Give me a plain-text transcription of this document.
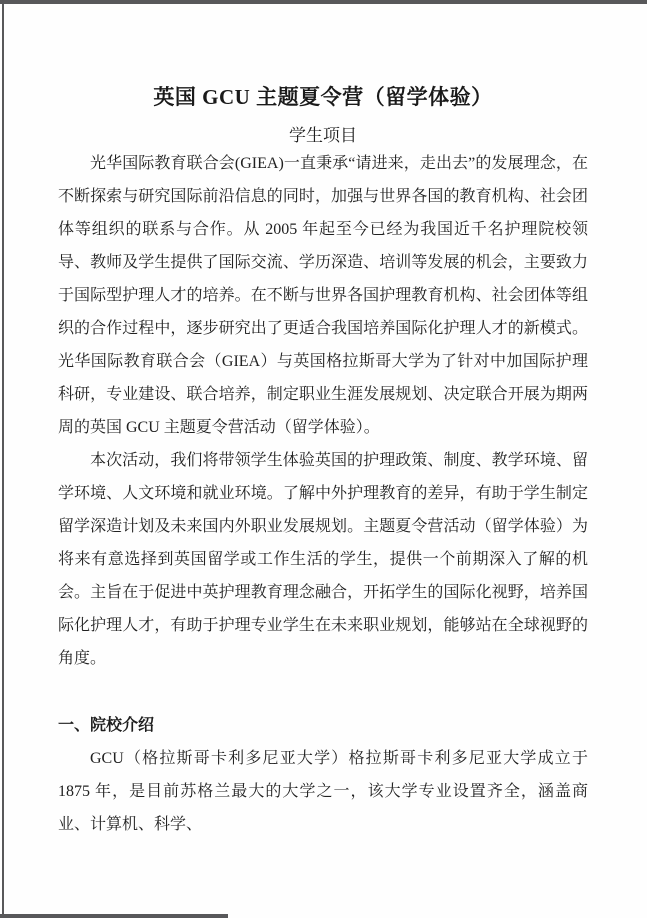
英国 GCU 主题夏令营（留学体验）
学生项目

光华国际教育联合会(GIEA)一直秉承“请进来，走出去”的发展理念，在不断探索与研究国际前沿信息的同时，加强与世界各国的教育机构、社会团体等组织的联系与合作。从 2005 年起至今已经为我国近千名护理院校领导、教师及学生提供了国际交流、学历深造、培训等发展的机会，主要致力于国际型护理人才的培养。在不断与世界各国护理教育机构、社会团体等组织的合作过程中，逐步研究出了更适合我国培养国际化护理人才的新模式。光华国际教育联合会（GIEA）与英国格拉斯哥大学为了针对中加国际护理科研，专业建设、联合培养，制定职业生涯发展规划、决定联合开展为期两周的英国 GCU 主题夏令营活动（留学体验）。

本次活动，我们将带领学生体验英国的护理政策、制度、教学环境、留学环境、人文环境和就业环境。了解中外护理教育的差异，有助于学生制定留学深造计划及未来国内外职业发展规划。主题夏令营活动（留学体验）为将来有意选择到英国留学或工作生活的学生，提供一个前期深入了解的机会。主旨在于促进中英护理教育理念融合，开拓学生的国际化视野，培养国际化护理人才，有助于护理专业学生在未来职业规划，能够站在全球视野的角度。

一、院校介绍

GCU（格拉斯哥卡利多尼亚大学）格拉斯哥卡利多尼亚大学成立于 1875 年，是目前苏格兰最大的大学之一，该大学专业设置齐全，涵盖商业、计算机、科学、
